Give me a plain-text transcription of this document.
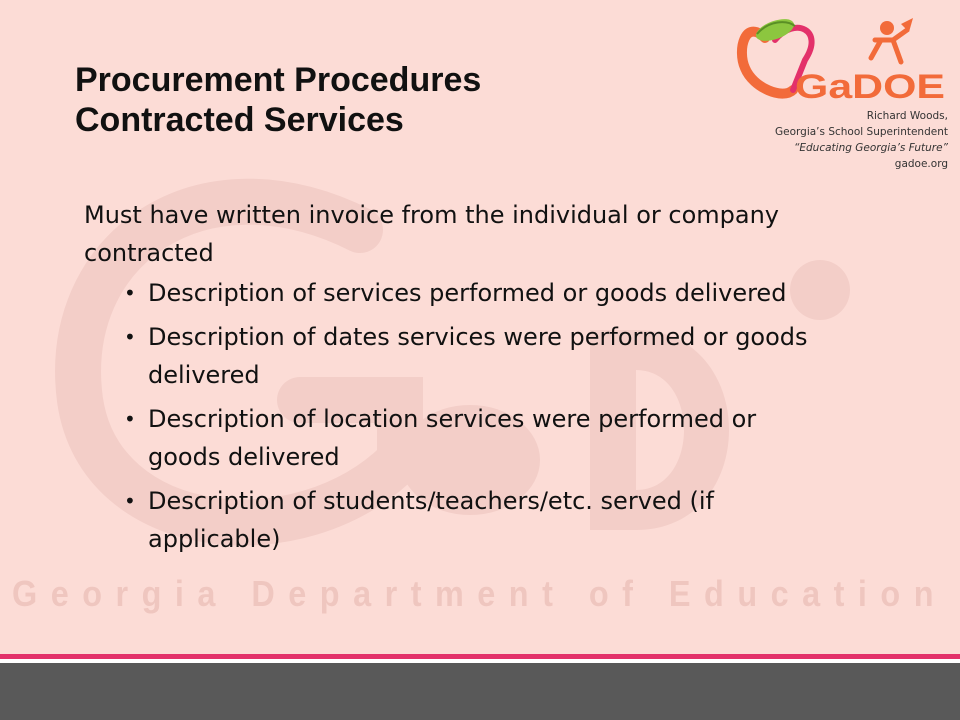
Georgia Department of Education
Procurement Procedures
Contracted Services
GaDOE
Richard Woods,
Georgia’s School Superintendent
“Educating Georgia’s Future”
gadoe.org

Must have written invoice from the individual or company contracted

• Description of services performed or goods delivered
• Description of dates services were performed or goods delivered
• Description of location services were performed or goods delivered
• Description of students/teachers/etc. served (if applicable)
